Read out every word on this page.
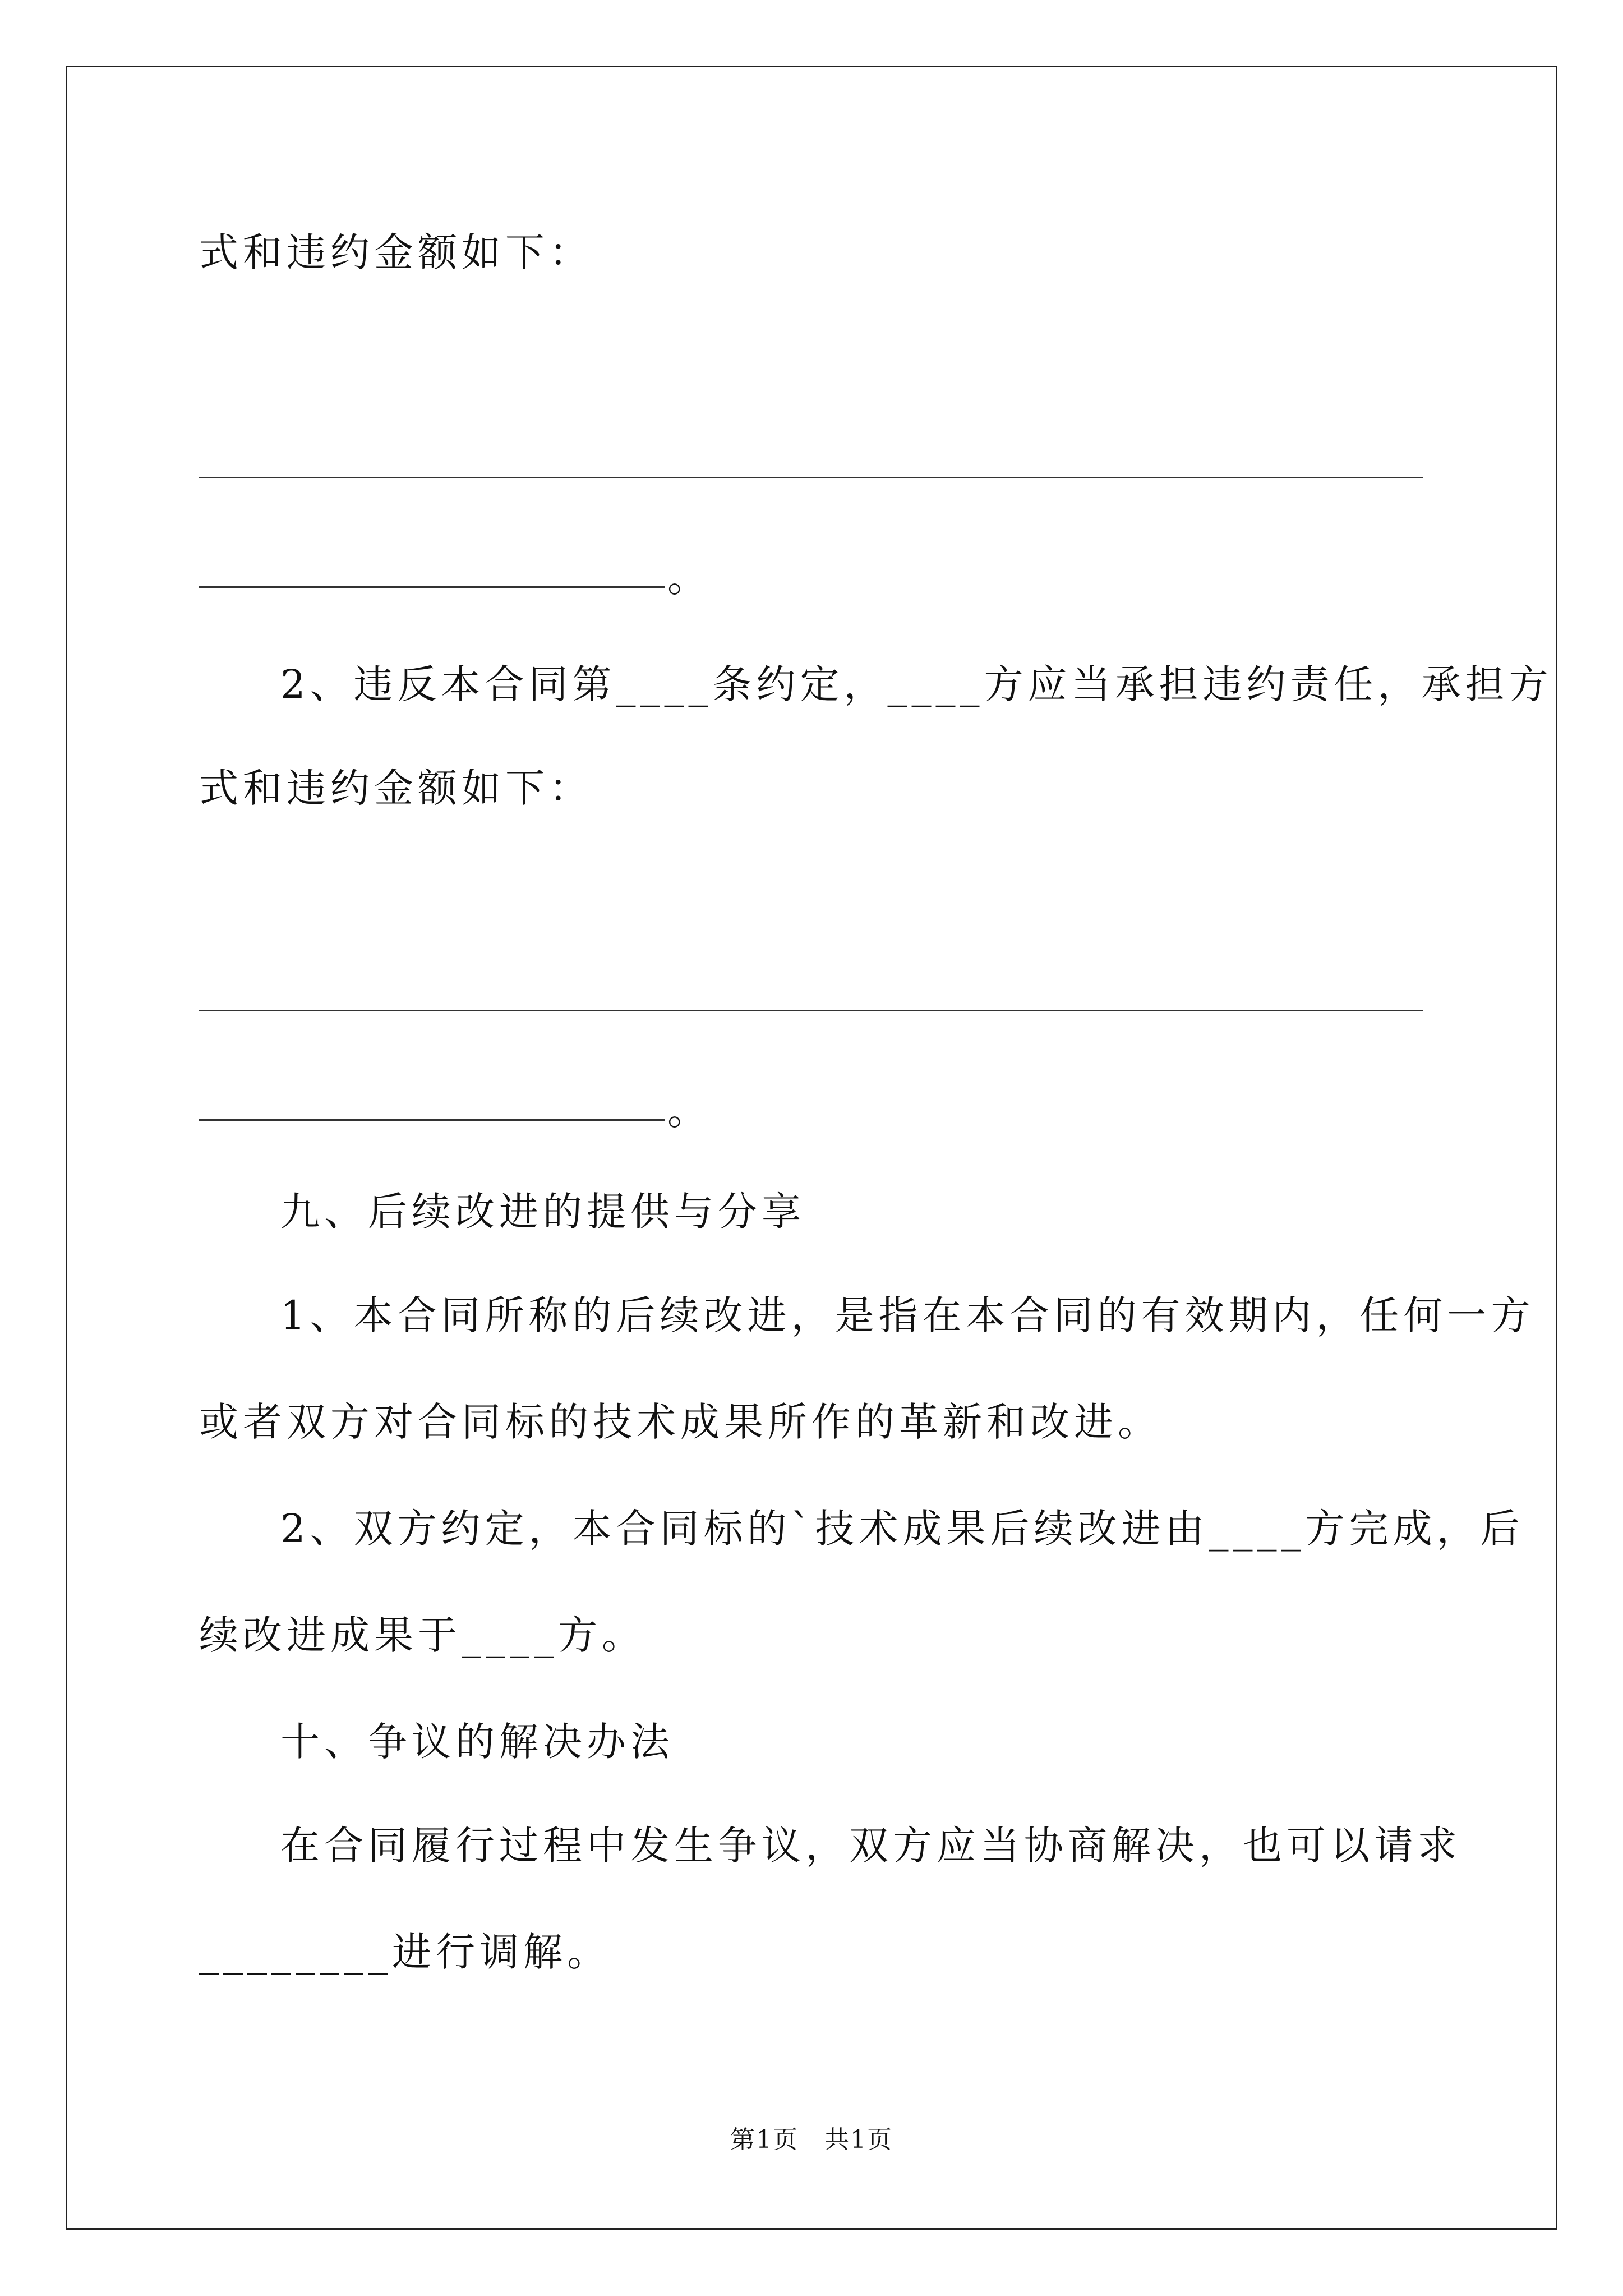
式和违约金额如下：
。
2、违反本合同第____条约定，____方应当承担违约责任，承担方
式和违约金额如下：
。
九、后续改进的提供与分享
1、本合同所称的后续改进，是指在本合同的有效期内，任何一方
或者双方对合同标的技术成果所作的革新和改进。
2、双方约定，本合同标的`技术成果后续改进由____方完成，后
续改进成果于____方。
十、争议的解决办法
在合同履行过程中发生争议，双方应当协商解决，也可以请求
________进行调解。
第1页　共1页
